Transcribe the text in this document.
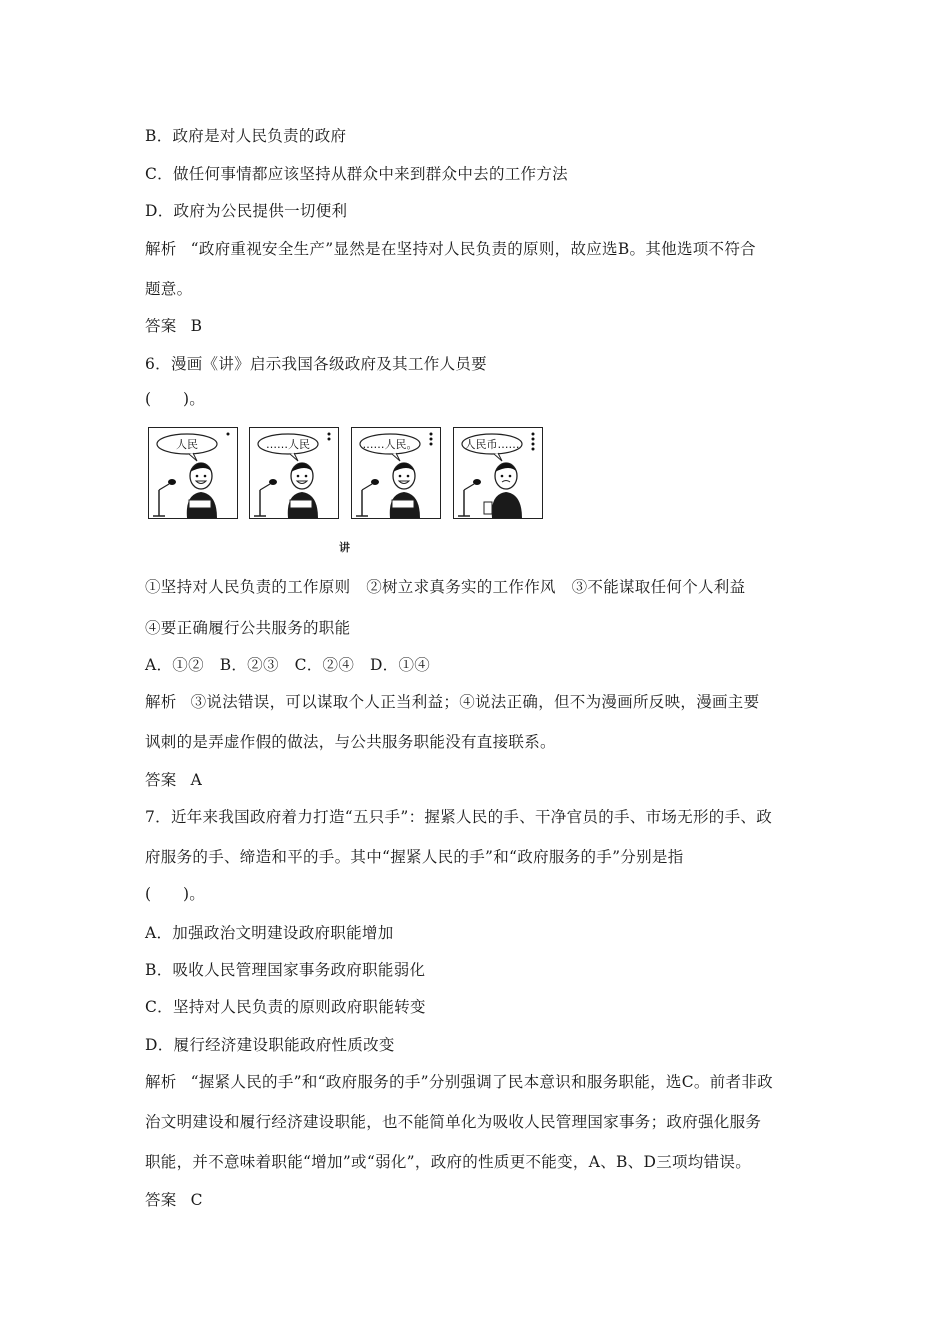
B．政府是对人民负责的政府
C．做任何事情都应该坚持从群众中来到群众中去的工作方法
D．政府为公民提供一切便利
解析 “政府重视安全生产”显然是在坚持对人民负责的原则，故应选B。其他选项不符合
题意。
答案 B
6．漫画《讲》启示我国各级政府及其工作人员要
(　　)。
人民	……人民	……人民。	人民币……
讲
①坚持对人民负责的工作原则　②树立求真务实的工作作风　③不能谋取任何个人利益
④要正确履行公共服务的职能
A．①②　B．②③　C．②④　D．①④
解析 ③说法错误，可以谋取个人正当利益；④说法正确，但不为漫画所反映，漫画主要
讽刺的是弄虚作假的做法，与公共服务职能没有直接联系。
答案 A
7．近年来我国政府着力打造“五只手”：握紧人民的手、干净官员的手、市场无形的手、政
府服务的手、缔造和平的手。其中“握紧人民的手”和“政府服务的手”分别是指
(　　)。
A．加强政治文明建设政府职能增加
B．吸收人民管理国家事务政府职能弱化
C．坚持对人民负责的原则政府职能转变
D．履行经济建设职能政府性质改变
解析 “握紧人民的手”和“政府服务的手”分别强调了民本意识和服务职能，选C。前者非政
治文明建设和履行经济建设职能，也不能简单化为吸收人民管理国家事务；政府强化服务
职能，并不意味着职能“增加”或“弱化”，政府的性质更不能变，A、B、D三项均错误。
答案 C
